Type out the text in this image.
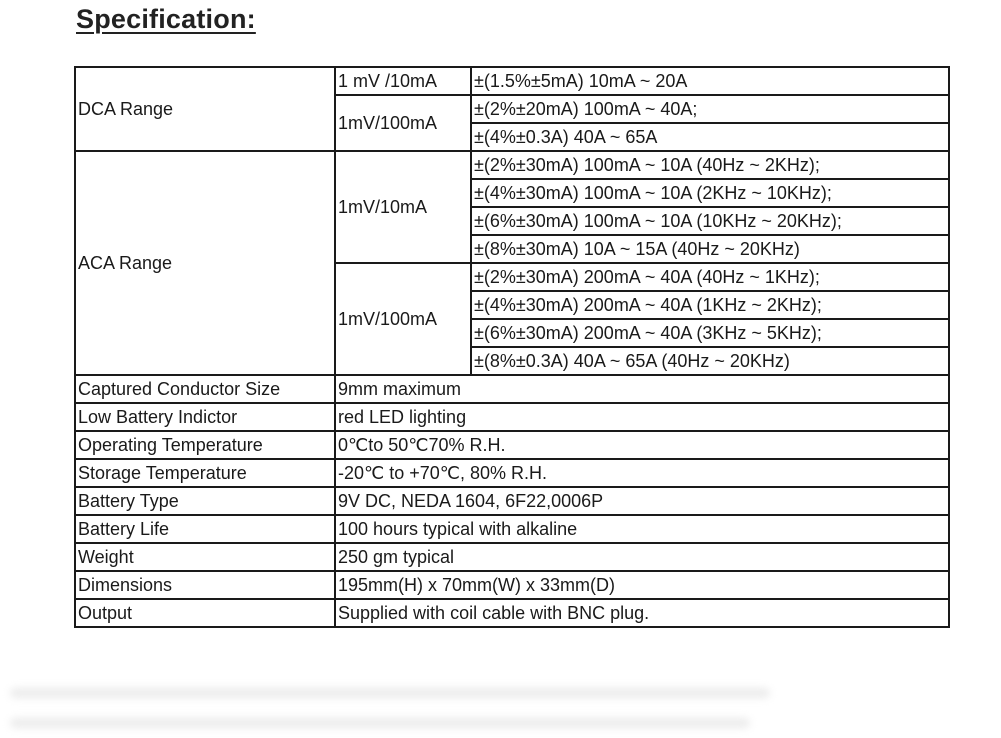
Specification:
DCA Range	1 mV /10mA	±(1.5%±5mA) 10mA ~ 20A
	1mV/100mA	±(2%±20mA) 100mA ~ 40A;
		±(4%±0.3A) 40A ~ 65A
ACA Range	1mV/10mA	±(2%±30mA) 100mA ~ 10A (40Hz ~ 2KHz);
		±(4%±30mA) 100mA ~ 10A (2KHz ~ 10KHz);
		±(6%±30mA) 100mA ~ 10A (10KHz ~ 20KHz);
		±(8%±30mA) 10A ~ 15A (40Hz ~ 20KHz)
	1mV/100mA	±(2%±30mA) 200mA ~ 40A (40Hz ~ 1KHz);
		±(4%±30mA) 200mA ~ 40A (1KHz ~ 2KHz);
		±(6%±30mA) 200mA ~ 40A (3KHz ~ 5KHz);
		±(8%±0.3A) 40A ~ 65A (40Hz ~ 20KHz)
Captured Conductor Size	9mm maximum	
Low Battery Indictor	red LED lighting	
Operating Temperature	0℃to 50℃70% R.H.	
Storage Temperature	-20℃ to +70℃, 80% R.H.	
Battery Type	9V DC, NEDA 1604, 6F22,0006P	
Battery Life	100 hours typical with alkaline	
Weight	250 gm typical	
Dimensions	195mm(H) x 70mm(W) x 33mm(D)	
Output	Supplied with coil cable with BNC plug.	
